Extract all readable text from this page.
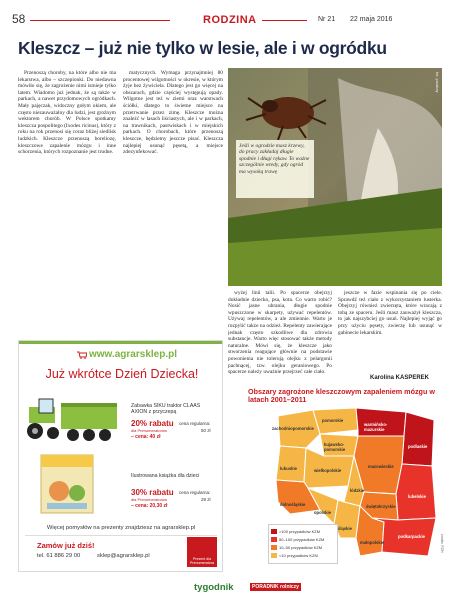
58	RODZINA	Nr 21 22 maja 2016
Kleszcz – już nie tylko w lesie, ale i w ogródku

Przenoszą choroby, na które albo nie ma lekarstwa, albo – szczepionki. Do niedawna mówiło się, że zagrożenie nimi istnieje tylko latem. Wiadomo już jednak, że są także w parkach, a nawet przydomowych ogródkach. Mały pajęczak, widoczny gołym okiem, ale często niezauważalny dla ludzi, jest groźnym wektorem chorób. W Polsce spotkamy kleszcza pospolitego (Ixodes ricinus), który z roku na rok przenosi się coraz bliżej siedlisk ludzkich. Kleszcze przenoszą boreliozę, kleszczowe zapalenie mózgu i inne schorzenia, których rozpoznanie jest trudne.

matycznych. Wymaga przynajmniej 80 procentowej wilgotności w okresie, w którym żyje bez żywiciela. Dlatego jest go więcej na obszarach, gdzie częściej występują opady. Wilgotne jest też w ziemi oraz warstwach ściółki, dlatego to świetne miejsce na przetrwanie przez zimę. Kleszcze można znaleźć w lasach liściastych, ale i w parkach, na trawnikach, pastwiskach i w miejskich parkach. O chorobach, które przenoszą kleszcze, będziemy jeszcze pisać. Kleszcza najlepiej usunąć pęsetą, a miejsce zdezynfekować.

fot. pixabay
Jeśli w ogrodzie masz krzewy, do pracy zakładaj długie spodnie i długi rękaw. To ważne szczególnie wtedy, gdy ogród ma wysoką trawę

wyżej linii talii. Po spacerze obejrzyj dokładnie dziecko, psa, kota. Co warto robić? Nosić jasne ubrania, długie spodnie wpuszczone w skarpety, używać repelentów. Używaj repelentów, a ale zmiennie. Warto je rozpylić także na odzież. Repelenty zawierające jednak często szkodliwe dla zdrowia substancje. Warto więc stosować także metody naturalne. Mówi się, że kleszcze jako stworzenia reagujące głównie na podstawie powonienia nie tolerują olejku z pelargonii pachnącej, tzw. olejku geraniowego. Po spacerze należy uważnie przejrzeć całe ciało.

jeszcze w fazie wspinania się po ciele. Sprawdź też ciało z wykorzystaniem lusterka. Obejrzyj również zwierzęta, które wracają z tobą ze spaceru. Jeśli masz zauważył kleszcza, to jak najszybciej go usuń. Najlepiej wyjąć go przy użyciu pęsety, zwierzę lub usunąć w gabinecie lekarskim.

Karolina KASPEREK
www.agrarsklep.pl
Już wkrótce Dzień Dziecka!
Zabawka SIKU traktor CLAAS AXION z przyczepą
20% rabatu cena regularna:
dla Prenumeratorów	50 zł
– cena: 40 zł
Ilustrowana książka dla dzieci
30% rabatu cena regularna:
dla Prenumeratorów	29 zł
– cena: 20,30 zł
Więcej pomysłów na prezenty znajdziesz na agrarsklep.pl
Zamów już dziś!
tel. 61 886 29 00	sklep@agrarsklep.pl	Prezent dla Prenumeratora
Obszary zagrożone kleszczowym zapaleniem mózgu w latach 2001–2011
zachodniopomorskie
pomorskie
warmińsko-mazurskie
podlaskie
kujawsko-pomorskie
lubuskie	wielkopolskie
mazowieckie
łódzkie
lubelskie
dolnośląskie
opolskie
świętokrzyskie
śląskie
małopolskie
podkarpackie
>100 przypadków KZM
50–100 przypadków KZM
10–50 przypadków KZM
<10 przypadków KZM
źródło: PZH
tygodnik	PORADNIK rolniczy
